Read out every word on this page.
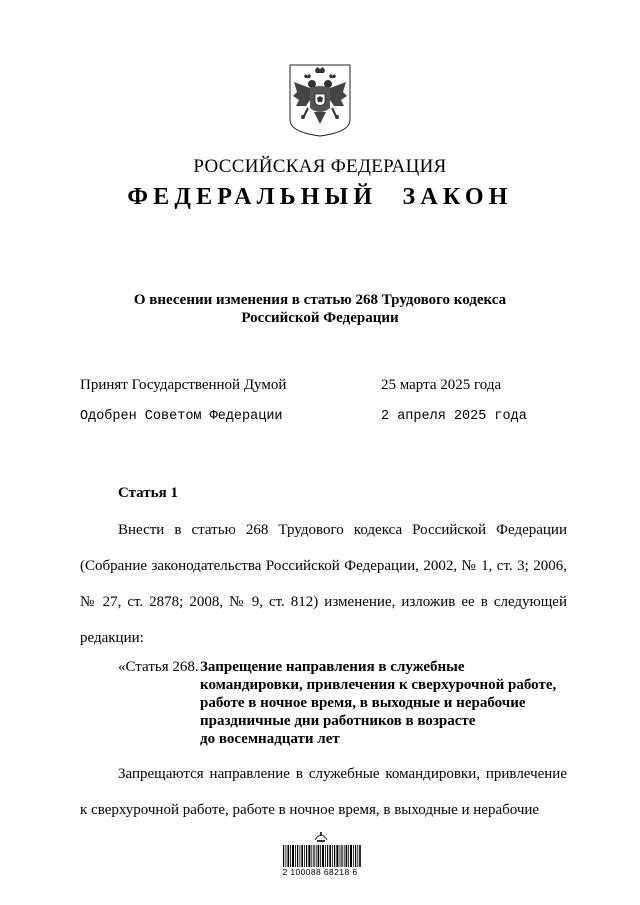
РОССИЙСКАЯ ФЕДЕРАЦИЯ
ФЕДЕРАЛЬНЫЙ ЗАКОН
О внесении изменения в статью 268 Трудового кодекса
Российской Федерации
Принят Государственной Думой	25 марта 2025 года
Одобрен Советом Федерации	2 апреля 2025 года
Статья 1
Внести в статью 268 Трудового кодекса Российской Федерации (Собрание законодательства Российской Федерации, 2002, № 1, ст. 3; 2006, № 27, ст. 2878; 2008, № 9, ст. 812) изменение, изложив ее в следующей редакции:
«Статья 268. Запрещение направления в служебные
командировки, привлечения к сверхурочной работе,
работе в ночное время, в выходные и нерабочие
праздничные дни работников в возрасте
до восемнадцати лет
Запрещаются направление в служебные командировки, привлечение к сверхурочной работе, работе в ночное время, в выходные и нерабочие
2 100088 68218 6
